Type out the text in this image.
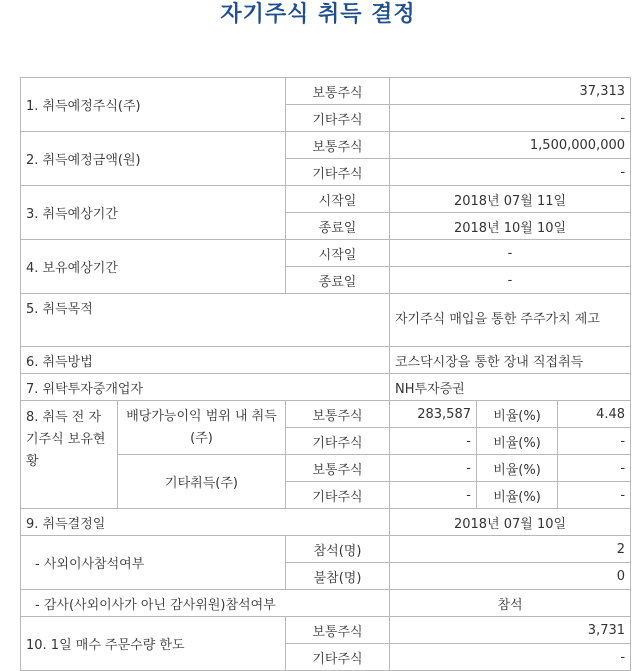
자기주식 취득 결정
1. 취득예정주식(주)		보통주식	37,313		
		기타주식	-		
2. 취득예정금액(원)		보통주식	1,500,000,000		
		기타주식	-		
3. 취득예상기간		시작일	2018년 07월 11일		
		종료일	2018년 10월 10일		
4. 보유예상기간		시작일	-		
		종료일	-		
5. 취득목적			자기주식 매입을 통한 주주가치 제고		
6. 취득방법			코스닥시장을 통한 장내 직접취득		
7. 위탁투자중개업자			NH투자증권		
8. 취득 전 자기주식 보유현황	배당가능이익 범위 내 취득(주)	보통주식	283,587	비율(%)	4.48
		기타주식	-	비율(%)	-
	기타취득(주)	보통주식	-	비율(%)	-
		기타주식	-	비율(%)	-
9. 취득결정일			2018년 07월 10일		
- 사외이사참석여부		참석(명)	2		
		불참(명)	0		
- 감사(사외이사가 아닌 감사위원)참석여부			참석		
10. 1일 매수 주문수량 한도		보통주식	3,731		
		기타주식	-		
